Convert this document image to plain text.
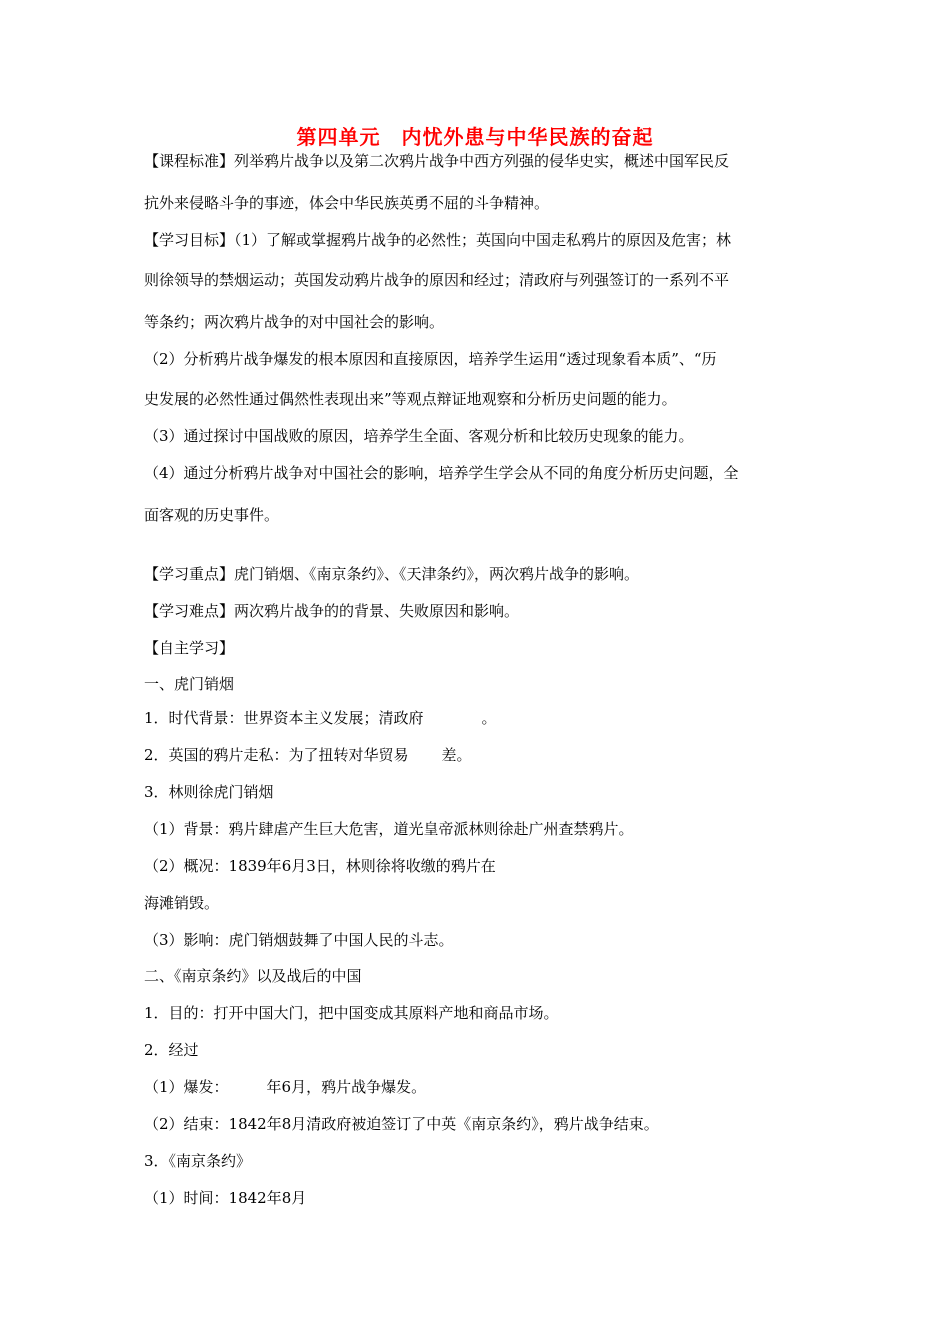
第四单元　内忧外患与中华民族的奋起
【课程标准】列举鸦片战争以及第二次鸦片战争中西方列强的侵华史实，概述中国军民反
抗外来侵略斗争的事迹，体会中华民族英勇不屈的斗争精神。
【学习目标】（1）了解或掌握鸦片战争的必然性；英国向中国走私鸦片的原因及危害；林
则徐领导的禁烟运动；英国发动鸦片战争的原因和经过；清政府与列强签订的一系列不平
等条约；两次鸦片战争的对中国社会的影响。
（2）分析鸦片战争爆发的根本原因和直接原因，培养学生运用“透过现象看本质”、“历
史发展的必然性通过偶然性表现出来”等观点辩证地观察和分析历史问题的能力。
（3）通过探讨中国战败的原因，培养学生全面、客观分析和比较历史现象的能力。
（4）通过分析鸦片战争对中国社会的影响，培养学生学会从不同的角度分析历史问题，全
面客观的历史事件。
【学习重点】虎门销烟、《南京条约》、《天津条约》，两次鸦片战争的影响。
【学习难点】两次鸦片战争的的背景、失败原因和影响。
【自主学习】
一、虎门销烟
1．时代背景：世界资本主义发展；清政府	。
2．英国的鸦片走私：为了扭转对华贸易 差。
3．林则徐虎门销烟
（1）背景：鸦片肆虐产生巨大危害，道光皇帝派林则徐赴广州查禁鸦片。
（2）概况：1839年6月3日，林则徐将收缴的鸦片在
海滩销毁。
（3）影响：虎门销烟鼓舞了中国人民的斗志。
二、《南京条约》以及战后的中国
1．目的：打开中国大门，把中国变成其原料产地和商品市场。
2．经过
（1）爆发：	年6月，鸦片战争爆发。
（2）结束：1842年8月清政府被迫签订了中英《南京条约》，鸦片战争结束。
3．《南京条约》
（1）时间：1842年8月
